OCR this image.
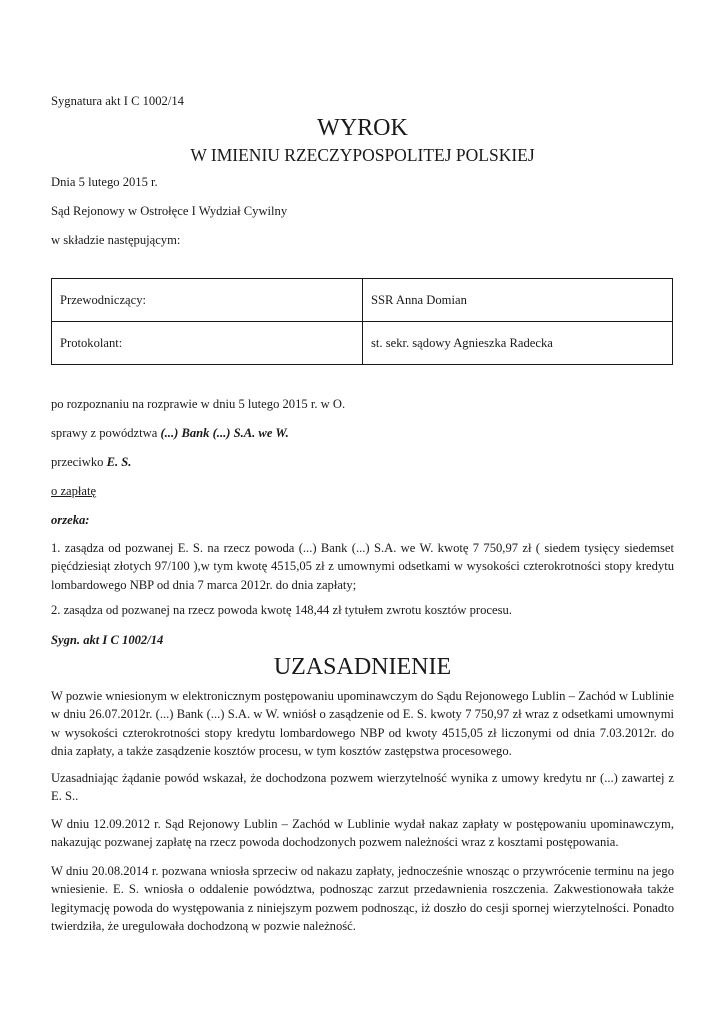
Sygnatura akt I C 1002/14
WYROK
W IMIENIU RZECZYPOSPOLITEJ POLSKIEJ
Dnia 5 lutego 2015 r.
Sąd Rejonowy w Ostrołęce I Wydział Cywilny
w składzie następującym:
Przewodniczący:	SSR Anna Domian
Protokolant:	st. sekr. sądowy Agnieszka Radecka
po rozpoznaniu na rozprawie w dniu 5 lutego 2015 r. w O.
sprawy z powództwa (...) Bank (...) S.A. we W.
przeciwko E. S.
o zapłatę
orzeka:
1. zasądza od pozwanej E. S. na rzecz powoda (...) Bank (...) S.A. we W. kwotę 7 750,97 zł ( siedem tysięcy siedemset pięćdziesiąt złotych 97/100 ),w tym kwotę 4515,05 zł z umownymi odsetkami w wysokości czterokrotności stopy kredytu lombardowego NBP od dnia 7 marca 2012r. do dnia zapłaty;
2. zasądza od pozwanej na rzecz powoda kwotę 148,44 zł tytułem zwrotu kosztów procesu.
Sygn. akt I C 1002/14
UZASADNIENIE
W pozwie wniesionym w elektronicznym postępowaniu upominawczym do Sądu Rejonowego Lublin – Zachód w Lublinie w dniu 26.07.2012r. (...) Bank (...) S.A. w W. wniósł o zasądzenie od E. S. kwoty 7 750,97 zł wraz z odsetkami umownymi w wysokości czterokrotności stopy kredytu lombardowego NBP od kwoty 4515,05 zł liczonymi od dnia 7.03.2012r. do dnia zapłaty, a także zasądzenie kosztów procesu, w tym kosztów zastępstwa procesowego.
Uzasadniając żądanie powód wskazał, że dochodzona pozwem wierzytelność wynika z umowy kredytu nr (...) zawartej z E. S..
W dniu 12.09.2012 r. Sąd Rejonowy Lublin – Zachód w Lublinie wydał nakaz zapłaty w postępowaniu upominawczym, nakazując pozwanej zapłatę na rzecz powoda dochodzonych pozwem należności wraz z kosztami postępowania.
W dniu 20.08.2014 r. pozwana wniosła sprzeciw od nakazu zapłaty, jednocześnie wnosząc o przywrócenie terminu na jego wniesienie. E. S. wniosła o oddalenie powództwa, podnosząc zarzut przedawnienia roszczenia. Zakwestionowała także legitymację powoda do występowania z niniejszym pozwem podnosząc, iż doszło do cesji spornej wierzytelności. Ponadto twierdziła, że uregulowała dochodzoną w pozwie należność.
